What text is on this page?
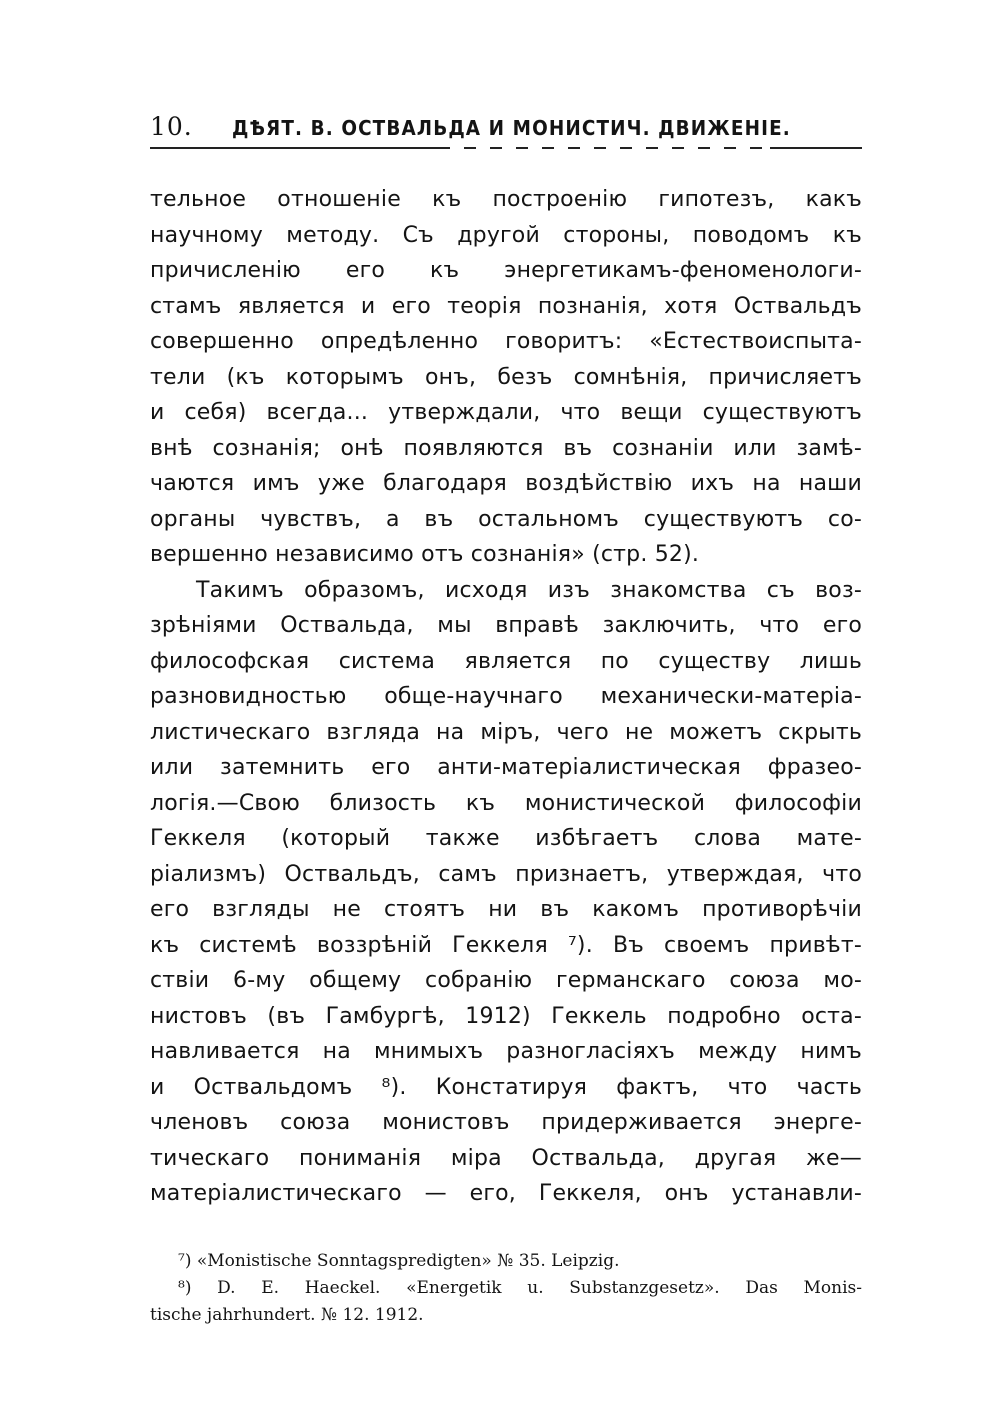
10. ДѢЯТ. В. ОСТВАЛЬДА И МОНИСТИЧ. ДВИЖЕНІЕ.
тельное отношеніе къ построенію гипотезъ, какъ
научному методу. Съ другой стороны, поводомъ къ
причисленію его къ энергетикамъ-феноменологи-
стамъ является и его теорія познанія, хотя Оствальдъ
совершенно опредѣленно говоритъ: «Естествоиспыта-
тели (къ которымъ онъ, безъ сомнѣнія, причисляетъ
и себя) всегда... утверждали, что вещи существуютъ
внѣ сознанія; онѣ появляются въ сознаніи или замѣ-
чаются имъ уже благодаря воздѣйствію ихъ на наши
органы чувствъ, а въ остальномъ существуютъ со-
вершенно независимо отъ сознанія» (стр. 52).
Такимъ образомъ, исходя изъ знакомства съ воз-
зрѣніями Оствальда, мы вправѣ заключить, что его
философская система является по существу лишь
разновидностью обще-научнаго механически-матеріа-
листическаго взгляда на міръ, чего не можетъ скрыть
или затемнить его анти-матеріалистическая фразео-
логія.—Свою близость къ монистической философіи
Геккеля (который также избѣгаетъ слова мате-
ріализмъ) Оствальдъ, самъ признаетъ, утверждая, что
его взгляды не стоятъ ни въ какомъ противорѣчіи
къ системѣ воззрѣній Геккеля ⁷). Въ своемъ привѣт-
ствіи 6-му общему собранію германскаго союза мо-
нистовъ (въ Гамбургѣ, 1912) Геккель подробно оста-
навливается на мнимыхъ разногласіяхъ между нимъ
и Оствальдомъ ⁸). Констатируя фактъ, что часть
членовъ союза монистовъ придерживается энерге-
тическаго пониманія міра Оствальда, другая же—
матеріалистическаго — его, Геккеля, онъ устанавли-
⁷) «Monistische Sonntagspredigten» № 35. Leipzig.
⁸) D. E. Haeckel. «Energetik u. Substanzgesetz». Das Monis-
tische jahrhundert. № 12. 1912.
